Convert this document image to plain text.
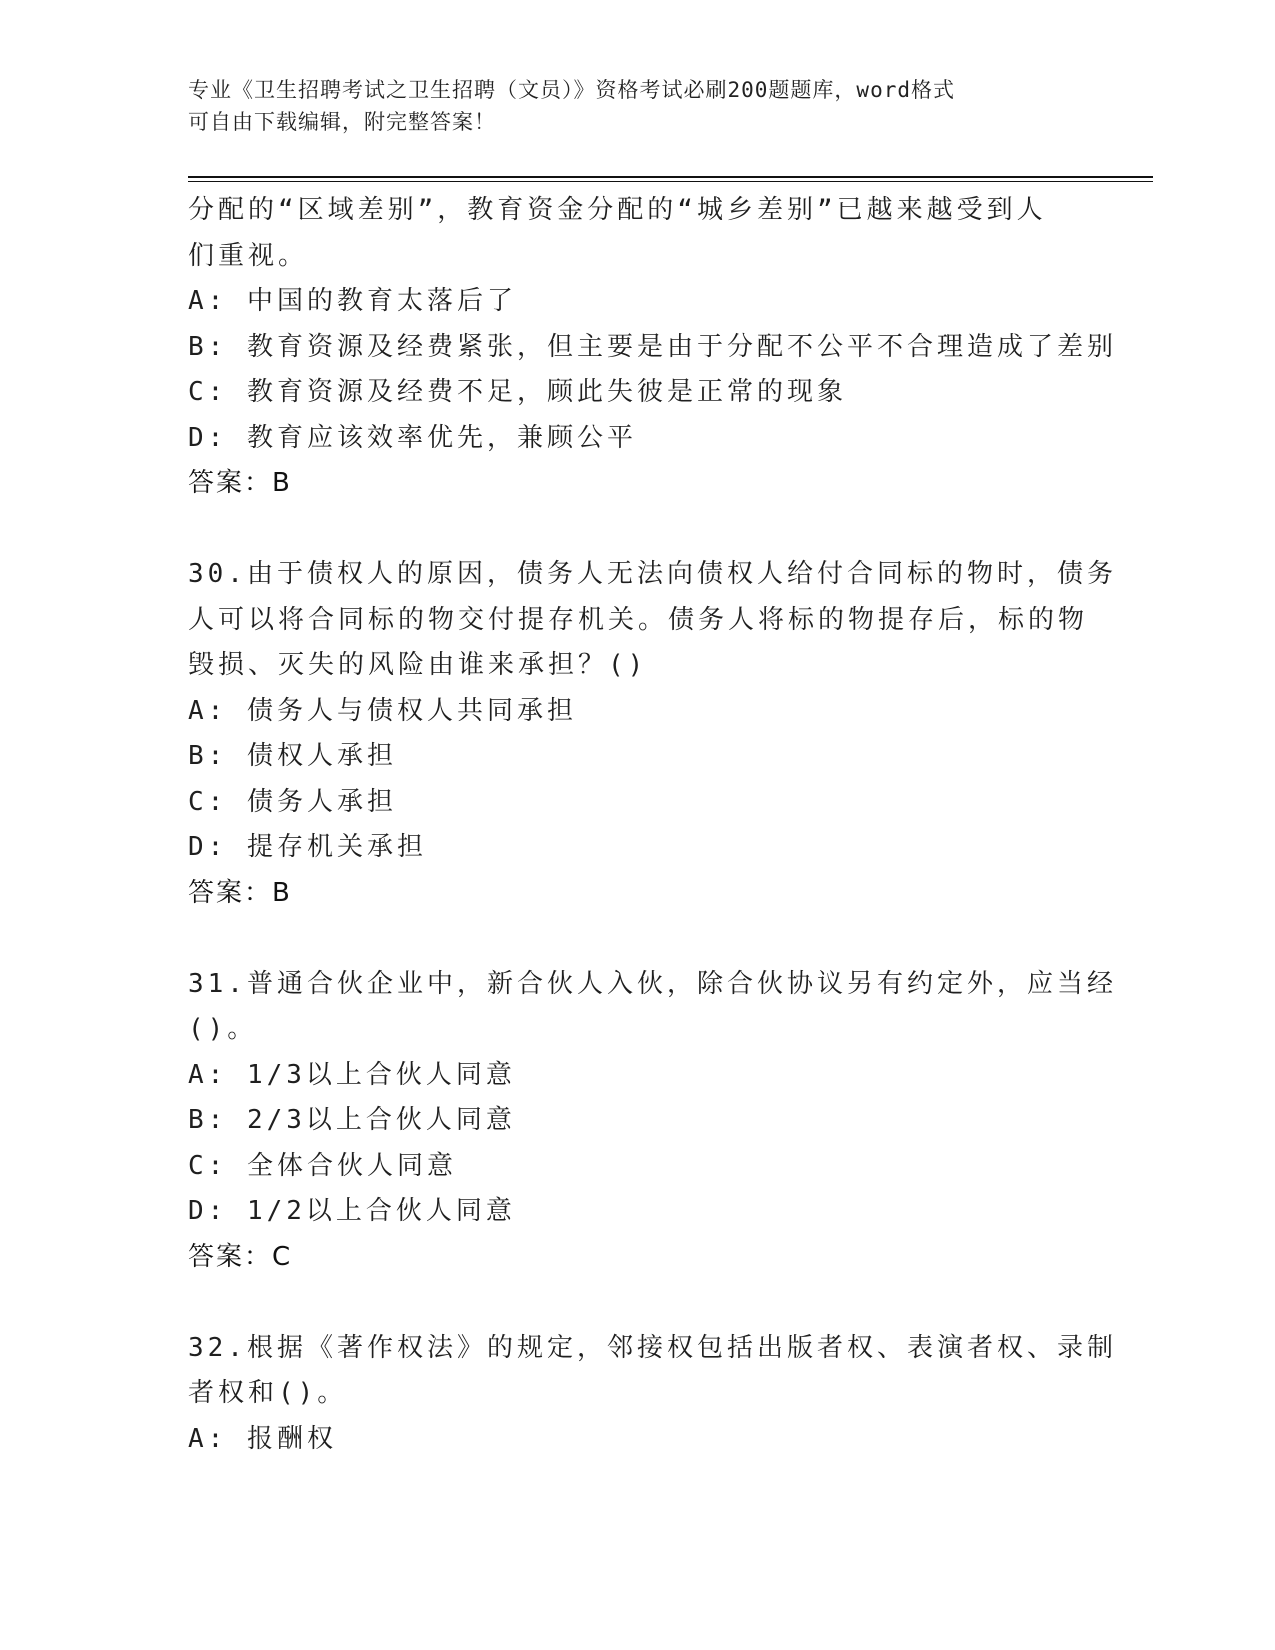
专业《卫生招聘考试之卫生招聘（文员）》资格考试必刷200题题库，word格式
可自由下载编辑，附完整答案！
分配的“区域差别”，教育资金分配的“城乡差别”已越来越受到人
们重视。
A: 中国的教育太落后了
B: 教育资源及经费紧张，但主要是由于分配不公平不合理造成了差别
C: 教育资源及经费不足，顾此失彼是正常的现象
D: 教育应该效率优先，兼顾公平
答案：B
30.由于债权人的原因，债务人无法向债权人给付合同标的物时，债务
人可以将合同标的物交付提存机关。债务人将标的物提存后，标的物
毁损、灭失的风险由谁来承担？()
A: 债务人与债权人共同承担
B: 债权人承担
C: 债务人承担
D: 提存机关承担
答案：B
31.普通合伙企业中，新合伙人入伙，除合伙协议另有约定外，应当经
()。
A: 1/3以上合伙人同意
B: 2/3以上合伙人同意
C: 全体合伙人同意
D: 1/2以上合伙人同意
答案：C
32.根据《著作权法》的规定，邻接权包括出版者权、表演者权、录制
者权和()。
A: 报酬权
